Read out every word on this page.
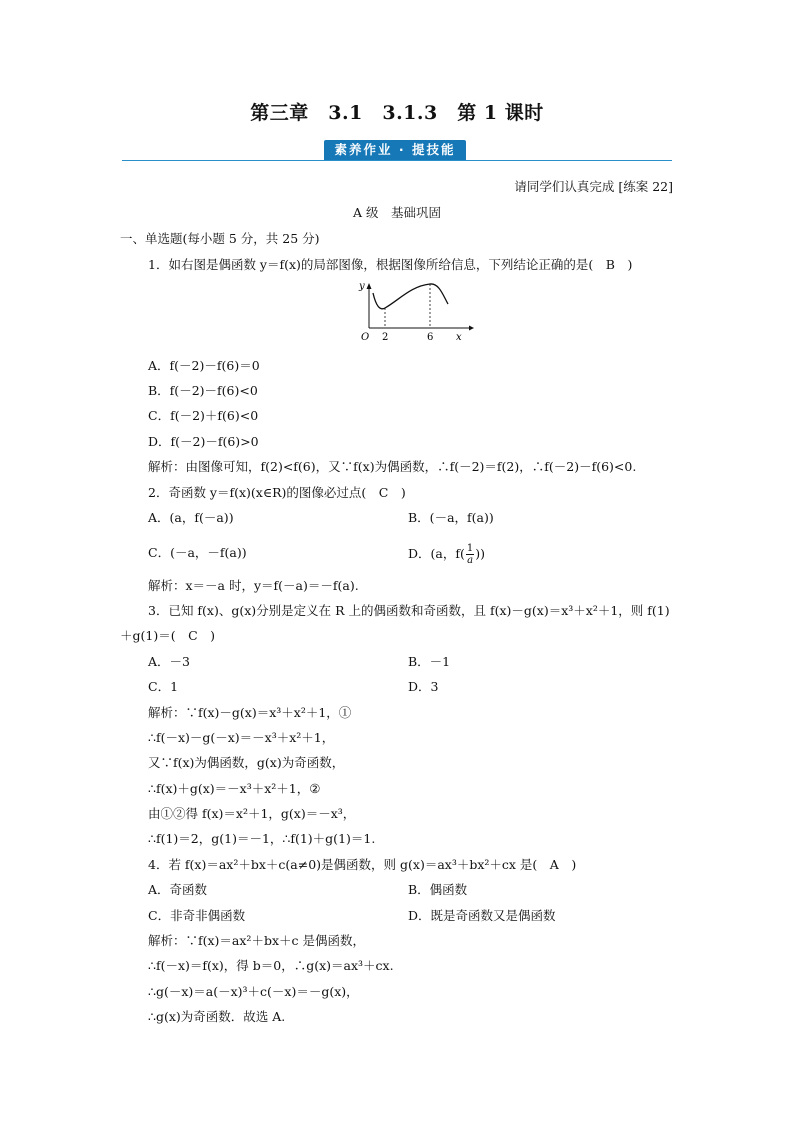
第三章　3.1　3.1.3　第 1 课时
素养作业 · 提技能
请同学们认真完成 [练案 22]
A 级　基础巩固
一、单选题(每小题 5 分，共 25 分)
1．如右图是偶函数 y＝f(x)的局部图像，根据图像所给信息，下列结论正确的是(　B　)
y
O 2	6 x
A．f(－2)－f(6)＝0
B．f(－2)－f(6)<0
C．f(－2)＋f(6)<0
D．f(－2)－f(6)>0
解析：由图像可知，f(2)<f(6)，又∵f(x)为偶函数，∴f(－2)＝f(2)，∴f(－2)－f(6)<0.
2．奇函数 y＝f(x)(x∈R)的图像必过点(　C　)
A．(a，f(－a))	B．(－a，f(a))
C．(－a，－f(a))	D．(a，$f( \frac{1}{a}$ ))
解析：x＝－a 时，y＝f(－a)＝－f(a).
3．已知 f(x)、g(x)分别是定义在 R 上的偶函数和奇函数，且 f(x)－g(x)＝x³＋x²＋1，则 f(1)
＋g(1)＝(　C　)
A．－3	B．－1
C．1	D．3
解析：∵f(x)－g(x)＝x³＋x²＋1，①
∴f(－x)－g(－x)＝－x³＋x²＋1，
又∵f(x)为偶函数，g(x)为奇函数，
∴f(x)＋g(x)＝－x³＋x²＋1，②
由①②得 f(x)＝x²＋1，g(x)＝－x³，
∴f(1)＝2，g(1)＝－1，∴f(1)＋g(1)＝1.
4．若 f(x)＝ax²＋bx＋c(a≠0)是偶函数，则 g(x)＝ax³＋bx²＋cx 是(　A　)
A．奇函数	B．偶函数
C．非奇非偶函数	D．既是奇函数又是偶函数
解析：∵f(x)＝ax²＋bx＋c 是偶函数，
∴f(－x)＝f(x)，得 b＝0，∴g(x)＝ax³＋cx.
∴g(－x)＝a(－x)³＋c(－x)＝－g(x)，
∴g(x)为奇函数．故选 A.
